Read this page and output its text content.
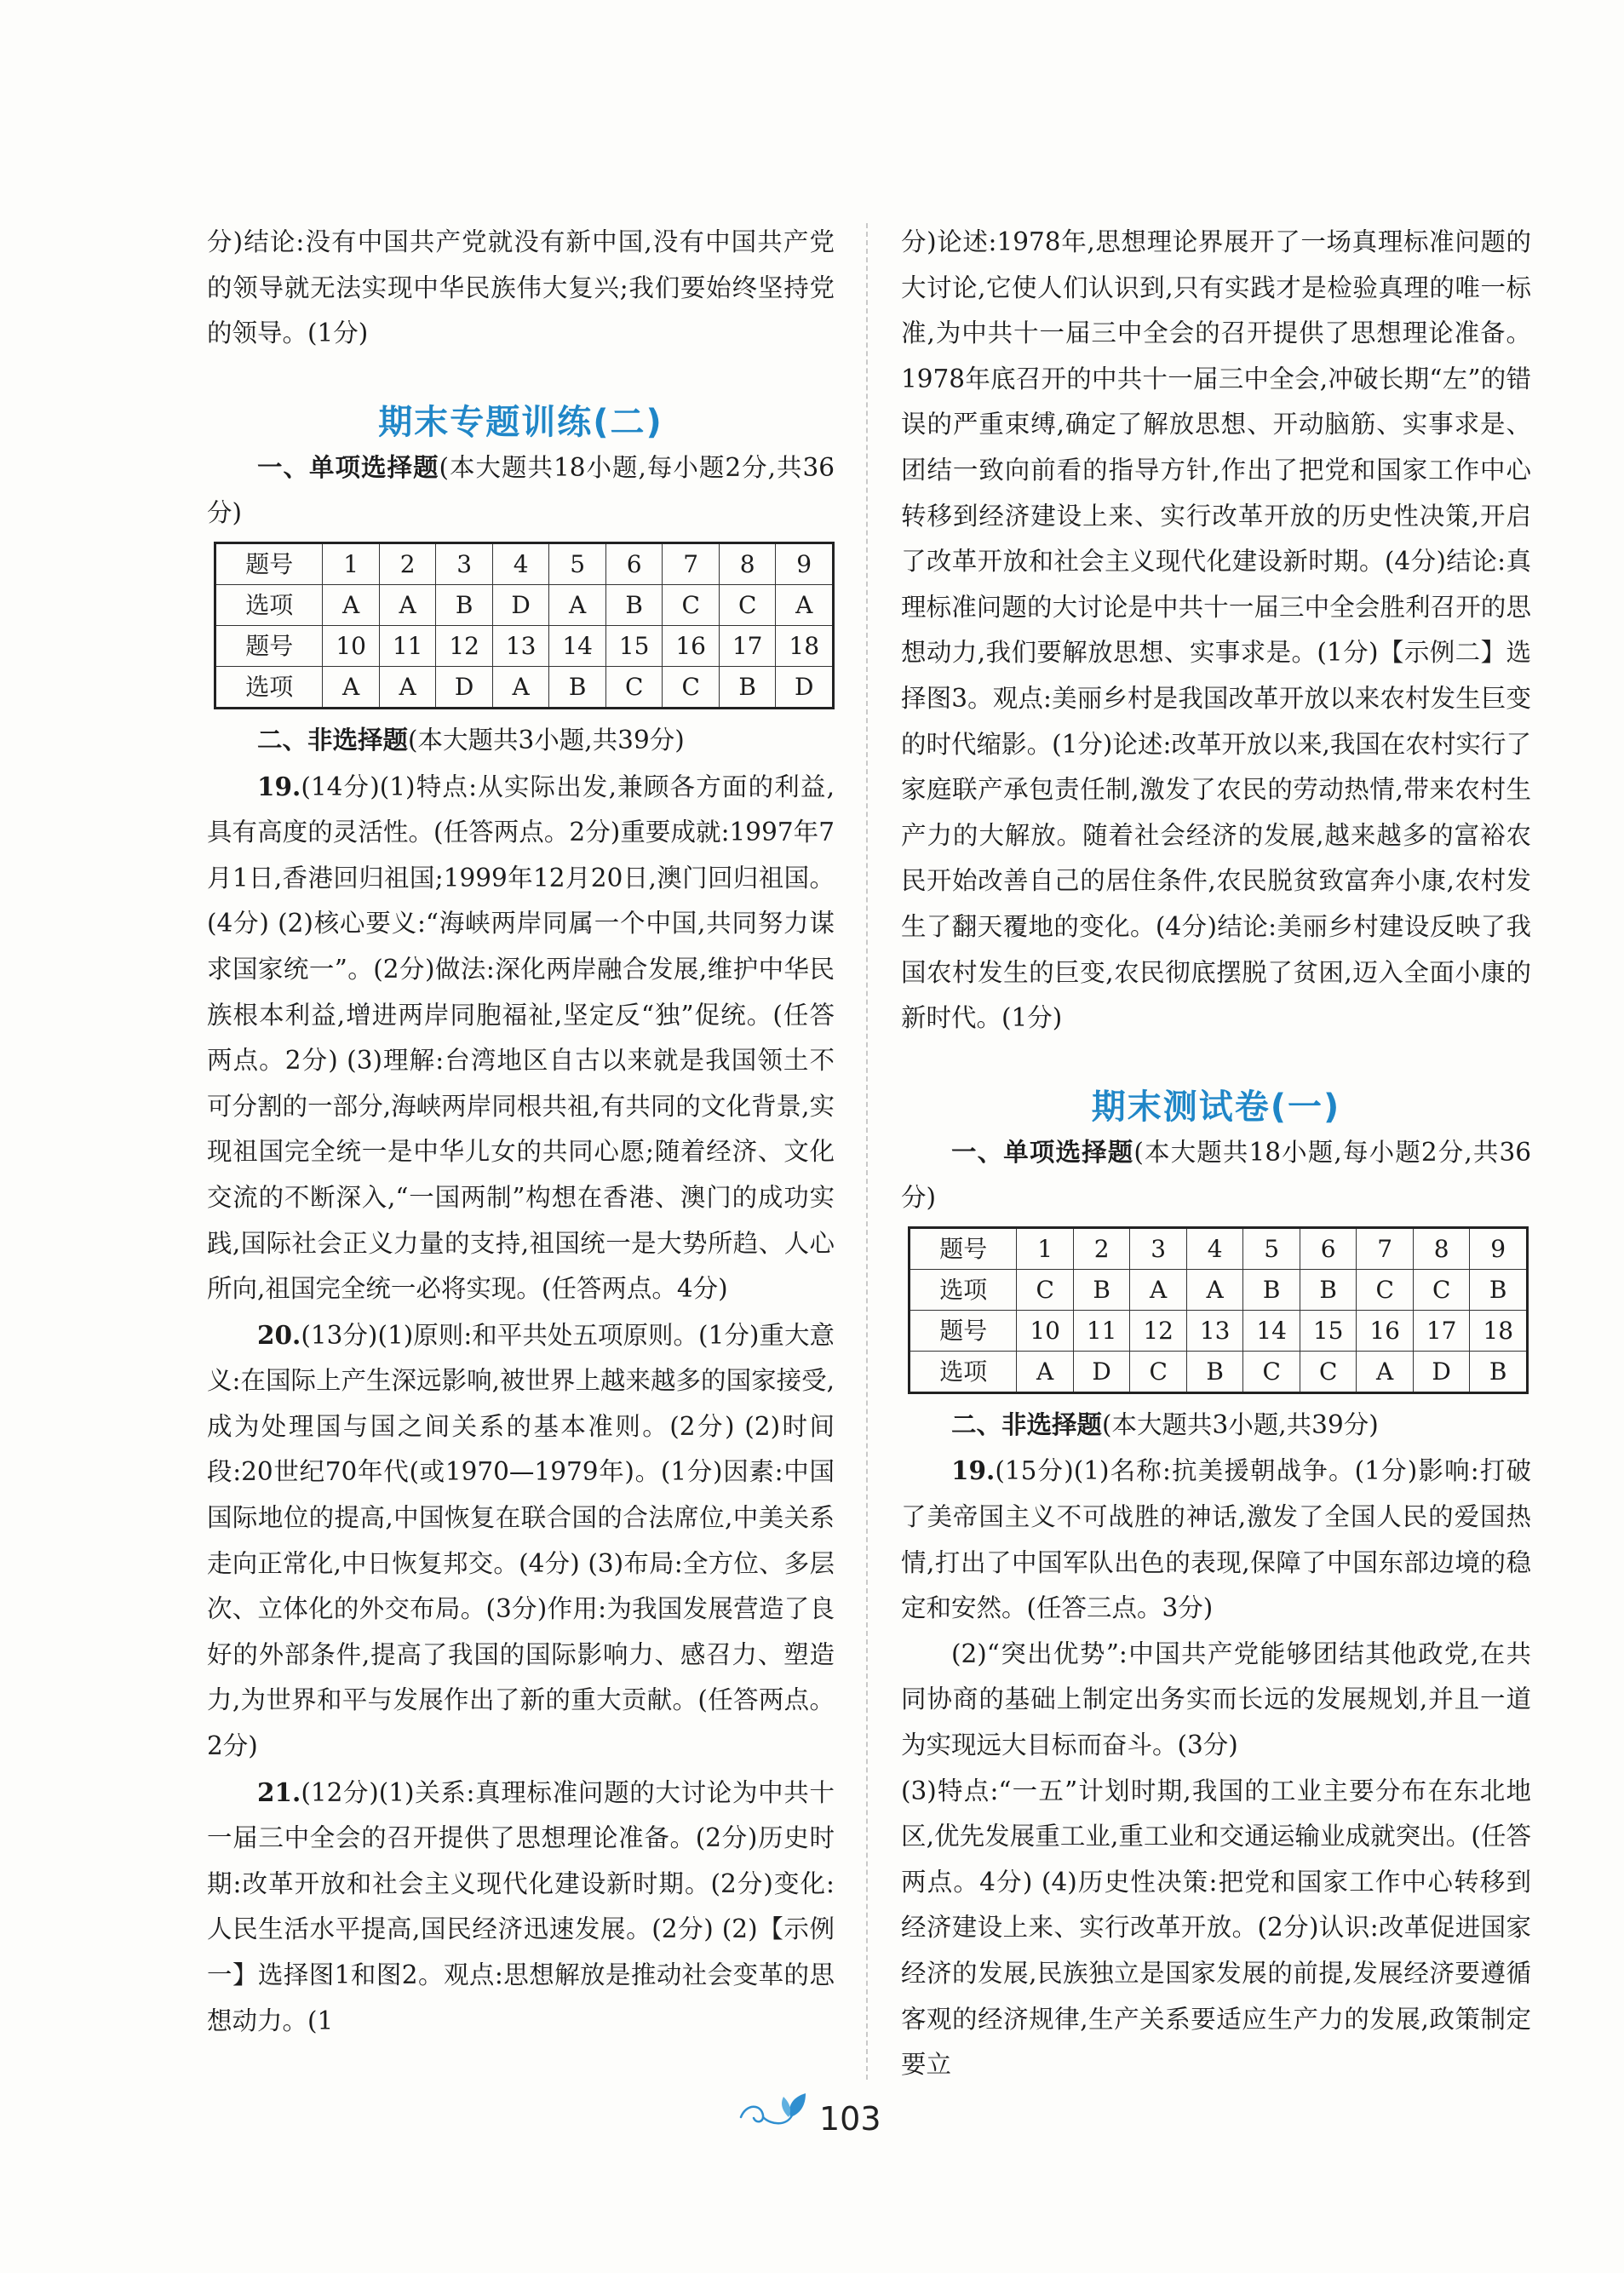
分)结论:没有中国共产党就没有新中国,没有中国共产党的领导就无法实现中华民族伟大复兴;我们要始终坚持党的领导。(1分)

期末专题训练(二)

一、单项选择题(本大题共18小题,每小题2分,共36分)

题号	1	2	3	4	5	6	7	8	9
选项	A	A	B	D	A	B	C	C	A
题号	10	11	12	13	14	15	16	17	18
选项	A	A	D	A	B	C	C	B	D

二、非选择题(本大题共3小题,共39分)

19.(14分)(1)特点:从实际出发,兼顾各方面的利益,具有高度的灵活性。(任答两点。2分)重要成就:1997年7月1日,香港回归祖国;1999年12月20日,澳门回归祖国。(4分) (2)核心要义:“海峡两岸同属一个中国,共同努力谋求国家统一”。(2分)做法:深化两岸融合发展,维护中华民族根本利益,增进两岸同胞福祉,坚定反“独”促统。(任答两点。2分) (3)理解:台湾地区自古以来就是我国领土不可分割的一部分,海峡两岸同根共祖,有共同的文化背景,实现祖国完全统一是中华儿女的共同心愿;随着经济、文化交流的不断深入,“一国两制”构想在香港、澳门的成功实践,国际社会正义力量的支持,祖国统一是大势所趋、人心所向,祖国完全统一必将实现。(任答两点。4分)

20.(13分)(1)原则:和平共处五项原则。(1分)重大意义:在国际上产生深远影响,被世界上越来越多的国家接受,成为处理国与国之间关系的基本准则。(2分) (2)时间段:20世纪70年代(或1970—1979年)。(1分)因素:中国国际地位的提高,中国恢复在联合国的合法席位,中美关系走向正常化,中日恢复邦交。(4分) (3)布局:全方位、多层次、立体化的外交布局。(3分)作用:为我国发展营造了良好的外部条件,提高了我国的国际影响力、感召力、塑造力,为世界和平与发展作出了新的重大贡献。(任答两点。2分)

21.(12分)(1)关系:真理标准问题的大讨论为中共十一届三中全会的召开提供了思想理论准备。(2分)历史时期:改革开放和社会主义现代化建设新时期。(2分)变化:人民生活水平提高,国民经济迅速发展。(2分) (2)【示例一】选择图1和图2。观点:思想解放是推动社会变革的思想动力。(1

分)论述:1978年,思想理论界展开了一场真理标准问题的大讨论,它使人们认识到,只有实践才是检验真理的唯一标准,为中共十一届三中全会的召开提供了思想理论准备。1978年底召开的中共十一届三中全会,冲破长期“左”的错误的严重束缚,确定了解放思想、开动脑筋、实事求是、团结一致向前看的指导方针,作出了把党和国家工作中心转移到经济建设上来、实行改革开放的历史性决策,开启了改革开放和社会主义现代化建设新时期。(4分)结论:真理标准问题的大讨论是中共十一届三中全会胜利召开的思想动力,我们要解放思想、实事求是。(1分)【示例二】选择图3。观点:美丽乡村是我国改革开放以来农村发生巨变的时代缩影。(1分)论述:改革开放以来,我国在农村实行了家庭联产承包责任制,激发了农民的劳动热情,带来农村生产力的大解放。随着社会经济的发展,越来越多的富裕农民开始改善自己的居住条件,农民脱贫致富奔小康,农村发生了翻天覆地的变化。(4分)结论:美丽乡村建设反映了我国农村发生的巨变,农民彻底摆脱了贫困,迈入全面小康的新时代。(1分)

期末测试卷(一)

一、单项选择题(本大题共18小题,每小题2分,共36分)

题号	1	2	3	4	5	6	7	8	9
选项	C	B	A	A	B	B	C	C	B
题号	10	11	12	13	14	15	16	17	18
选项	A	D	C	B	C	C	A	D	B

二、非选择题(本大题共3小题,共39分)

19.(15分)(1)名称:抗美援朝战争。(1分)影响:打破了美帝国主义不可战胜的神话,激发了全国人民的爱国热情,打出了中国军队出色的表现,保障了中国东部边境的稳定和安然。(任答三点。3分)

(2)“突出优势”:中国共产党能够团结其他政党,在共同协商的基础上制定出务实而长远的发展规划,并且一道为实现远大目标而奋斗。(3分)

(3)特点:“一五”计划时期,我国的工业主要分布在东北地区,优先发展重工业,重工业和交通运输业成就突出。(任答两点。4分) (4)历史性决策:把党和国家工作中心转移到经济建设上来、实行改革开放。(2分)认识:改革促进国家经济的发展,民族独立是国家发展的前提,发展经济要遵循客观的经济规律,生产关系要适应生产力的发展,政策制定要立

103
